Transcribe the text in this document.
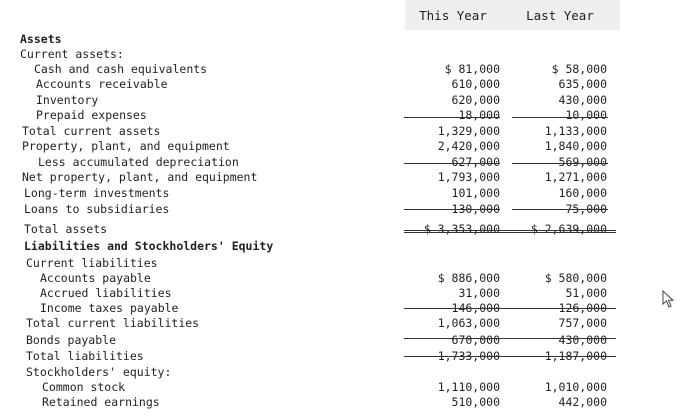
This Year	Last Year
Assets
Current assets:
Cash and cash equivalents	$ 81,000	$ 58,000
Accounts receivable	610,000	635,000
Inventory	620,000	430,000
Prepaid expenses	18,000	10,000
Total current assets	1,329,000	1,133,000
Property, plant, and equipment	2,420,000	1,840,000
Less accumulated depreciation	627,000	569,000
Net property, plant, and equipment	1,793,000	1,271,000
Long-term investments	101,000	160,000
Loans to subsidiaries	130,000	75,000
Total assets	$ 3,353,000	$ 2,639,000
Liabilities and Stockholders' Equity
Current liabilities
Accounts payable	$ 886,000	$ 580,000
Accrued liabilities	31,000	51,000
Income taxes payable	146,000	126,000
Total current liabilities	1,063,000	757,000
Bonds payable	670,000	430,000
Total liabilities	1,733,000	1,187,000
Stockholders' equity:
Common stock	1,110,000	1,010,000
Retained earnings	510,000	442,000
